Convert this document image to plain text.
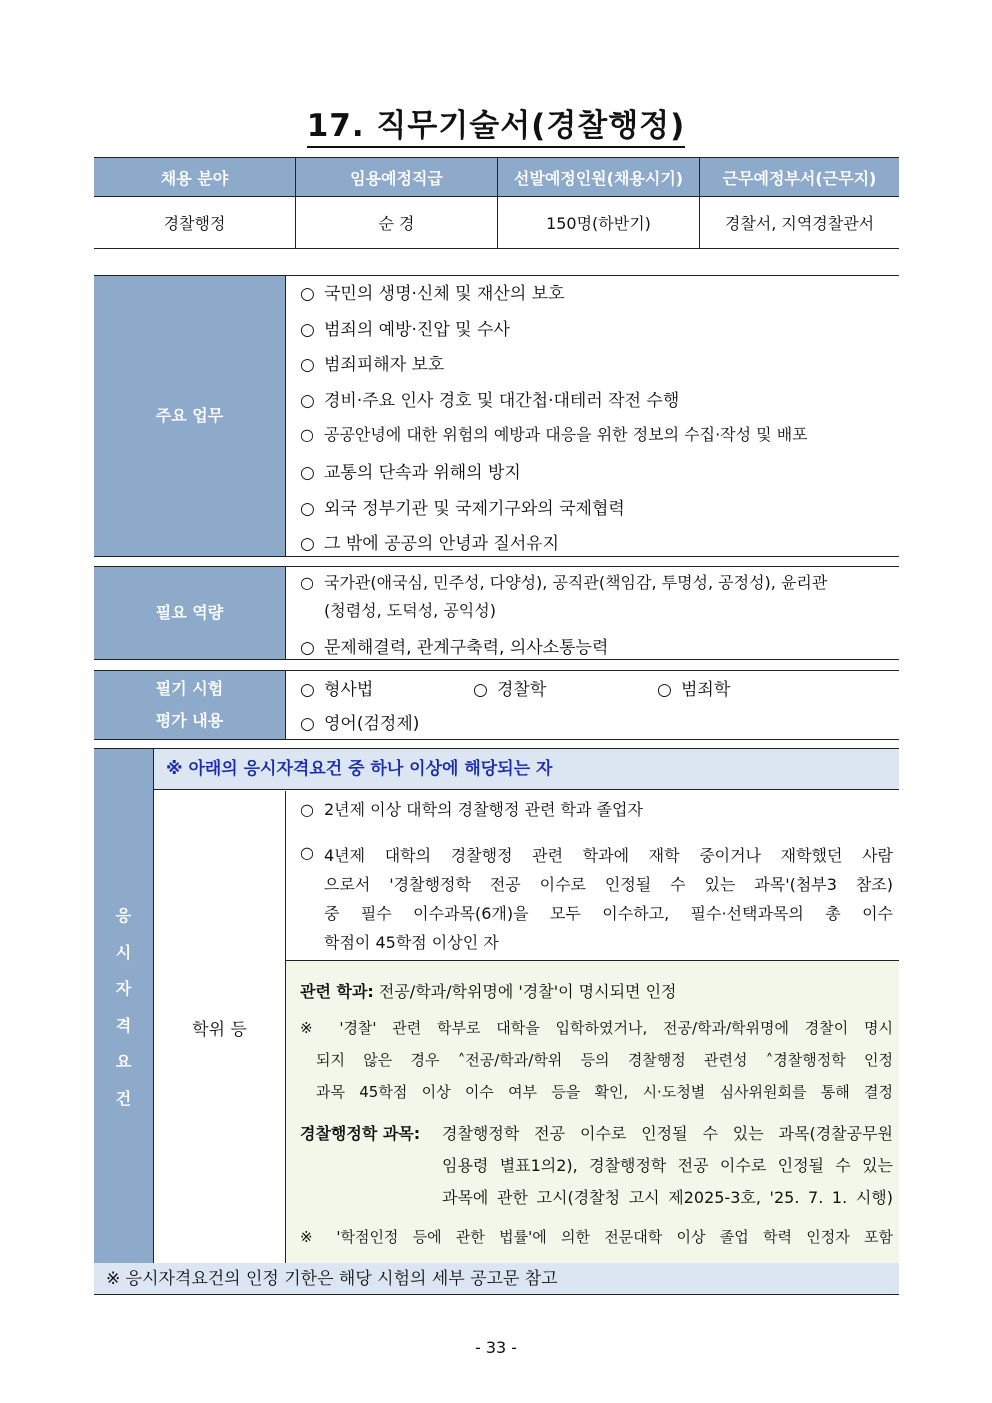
17. 직무기술서(경찰행정)
채용 분야	임용예정직급	선발예정인원(채용시기)	근무예정부서(근무지)
경찰행정	순 경	150명(하반기)	경찰서, 지역경찰관서
주요 업무
○ 국민의 생명·신체 및 재산의 보호
○ 범죄의 예방·진압 및 수사
○ 범죄피해자 보호
○ 경비·주요 인사 경호 및 대간첩·대테러 작전 수행
○ 공공안녕에 대한 위험의 예방과 대응을 위한 정보의 수집·작성 및 배포
○ 교통의 단속과 위해의 방지
○ 외국 정부기관 및 국제기구와의 국제협력
○ 그 밖에 공공의 안녕과 질서유지
필요 역량
○ 국가관(애국심, 민주성, 다양성), 공직관(책임감, 투명성, 공정성), 윤리관
(청렴성, 도덕성, 공익성)
○ 문제해결력, 관계구축력, 의사소통능력
필기 시험
평가 내용
○ 형사법	○ 경찰학	○ 범죄학
○ 영어(검정제)
응
시
자
격
요
건
※ 아래의 응시자격요건 중 하나 이상에 해당되는 자
학위 등
○ 2년제 이상 대학의 경찰행정 관련 학과 졸업자
○ 4년제 대학의 경찰행정 관련 학과에 재학 중이거나 재학했던 사람
으로서 '경찰행정학 전공 이수로 인정될 수 있는 과목'(첨부3 참조)
중 필수 이수과목(6개)을 모두 이수하고, 필수·선택과목의 총 이수
학점이 45학점 이상인 자
관련 학과: 전공/학과/학위명에 '경찰'이 명시되면 인정
※ '경찰' 관련 학부로 대학을 입학하였거나, 전공/학과/학위명에 경찰이 명시
되지 않은 경우 ˄전공/학과/학위 등의 경찰행정 관련성 ˄경찰행정학 인정
과목 45학점 이상 이수 여부 등을 확인, 시·도청별 심사위원회를 통해 결정
경찰행정학 과목: 경찰행정학 전공 이수로 인정될 수 있는 과목(경찰공무원
임용령 별표1의2), 경찰행정학 전공 이수로 인정될 수 있는
과목에 관한 고시(경찰청 고시 제2025-3호, '25. 7. 1. 시행)
※ '학점인정 등에 관한 법률'에 의한 전문대학 이상 졸업 학력 인정자 포함
※ 응시자격요건의 인정 기한은 해당 시험의 세부 공고문 참고
- 33 -
